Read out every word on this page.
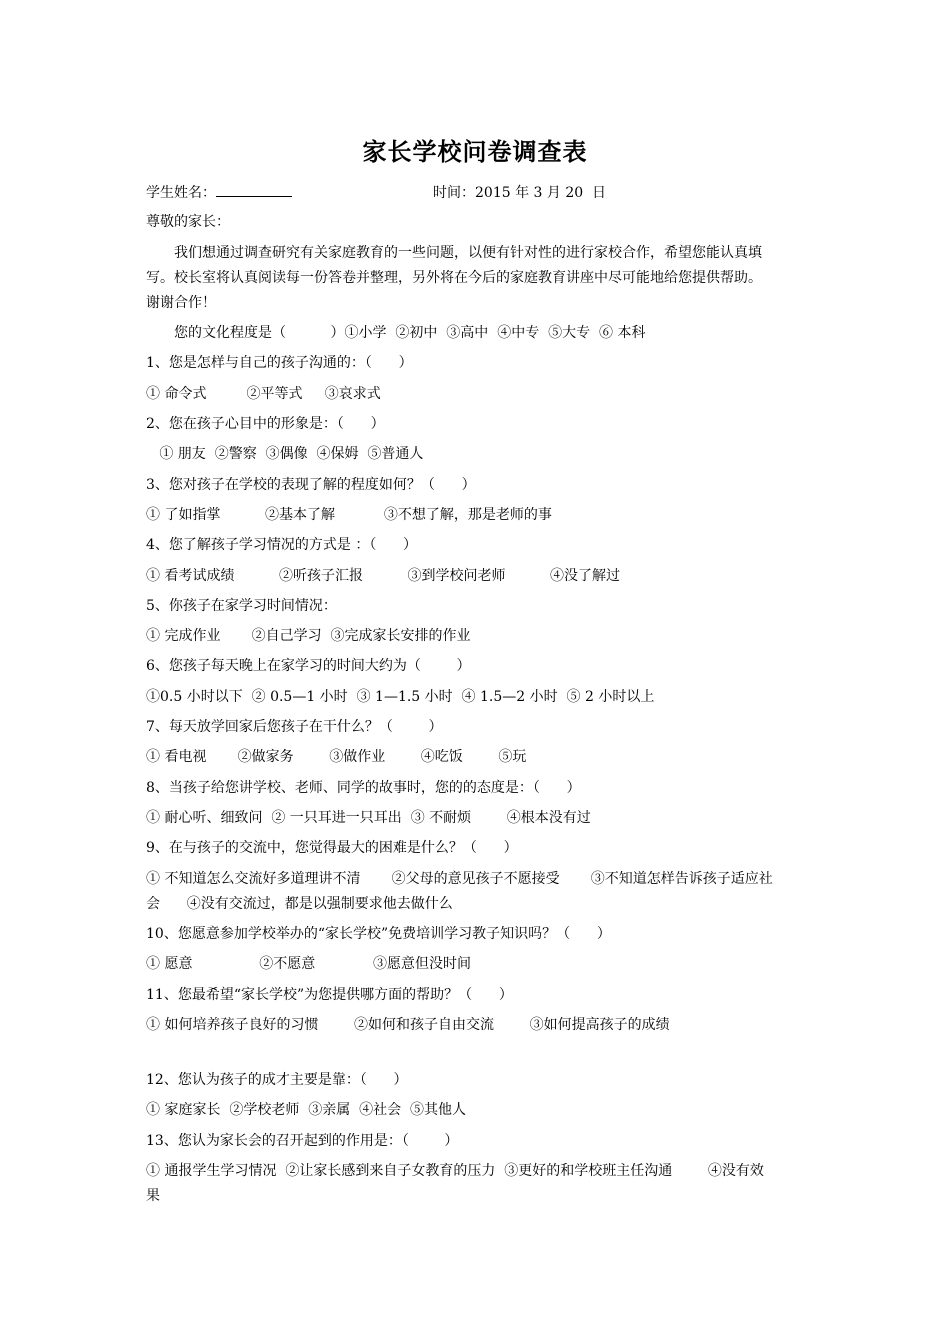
家长学校问卷调查表
学生姓名：	时间：2015 年 3 月 20  日
尊敬的家长：
我们想通过调查研究有关家庭教育的一些问题，以便有针对性的进行家校合作，希望您能认真填
写。校长室将认真阅读每一份答卷并整理，另外将在今后的家庭教育讲座中尽可能地给您提供帮助。
谢谢合作！
您的文化程度是（          ）①小学  ②初中  ③高中  ④中专  ⑤大专  ⑥ 本科
1、您是怎样与自己的孩子沟通的：（      ）
① 命令式         ②平等式     ③哀求式
2、您在孩子心目中的形象是：（      ）
① 朋友  ②警察  ③偶像  ④保姆  ⑤普通人
3、您对孩子在学校的表现了解的程度如何？（      ）
① 了如指掌          ②基本了解           ③不想了解，那是老师的事
4、您了解孩子学习情况的方式是 ：（      ）
① 看考试成绩          ②听孩子汇报          ③到学校问老师          ④没了解过
5、你孩子在家学习时间情况：
① 完成作业       ②自己学习  ③完成家长安排的作业
6、您孩子每天晚上在家学习的时间大约为（        ）
①0.5 小时以下  ② 0.5—1 小时  ③ 1—1.5 小时  ④ 1.5—2 小时  ⑤ 2 小时以上
7、每天放学回家后您孩子在干什么？（        ）
① 看电视       ②做家务        ③做作业        ④吃饭        ⑤玩
8、当孩子给您讲学校、老师、同学的故事时，您的的态度是：（      ）
① 耐心听、细致问  ② 一只耳进一只耳出  ③ 不耐烦        ④根本没有过
9、在与孩子的交流中，您觉得最大的困难是什么？（      ）
① 不知道怎么交流好多道理讲不清       ②父母的意见孩子不愿接受       ③不知道怎样告诉孩子适应社
会      ④没有交流过，都是以强制要求他去做什么
10、您愿意参加学校举办的“家长学校”免费培训学习教子知识吗？（      ）
① 愿意               ②不愿意             ③愿意但没时间
11、您最希望“家长学校”为您提供哪方面的帮助？（      ）
① 如何培养孩子良好的习惯        ②如何和孩子自由交流        ③如何提高孩子的成绩
12、您认为孩子的成才主要是靠：（      ）
① 家庭家长  ②学校老师  ③亲属  ④社会  ⑤其他人
13、您认为家长会的召开起到的作用是：（        ）
① 通报学生学习情况  ②让家长感到来自子女教育的压力  ③更好的和学校班主任沟通        ④没有效
果
